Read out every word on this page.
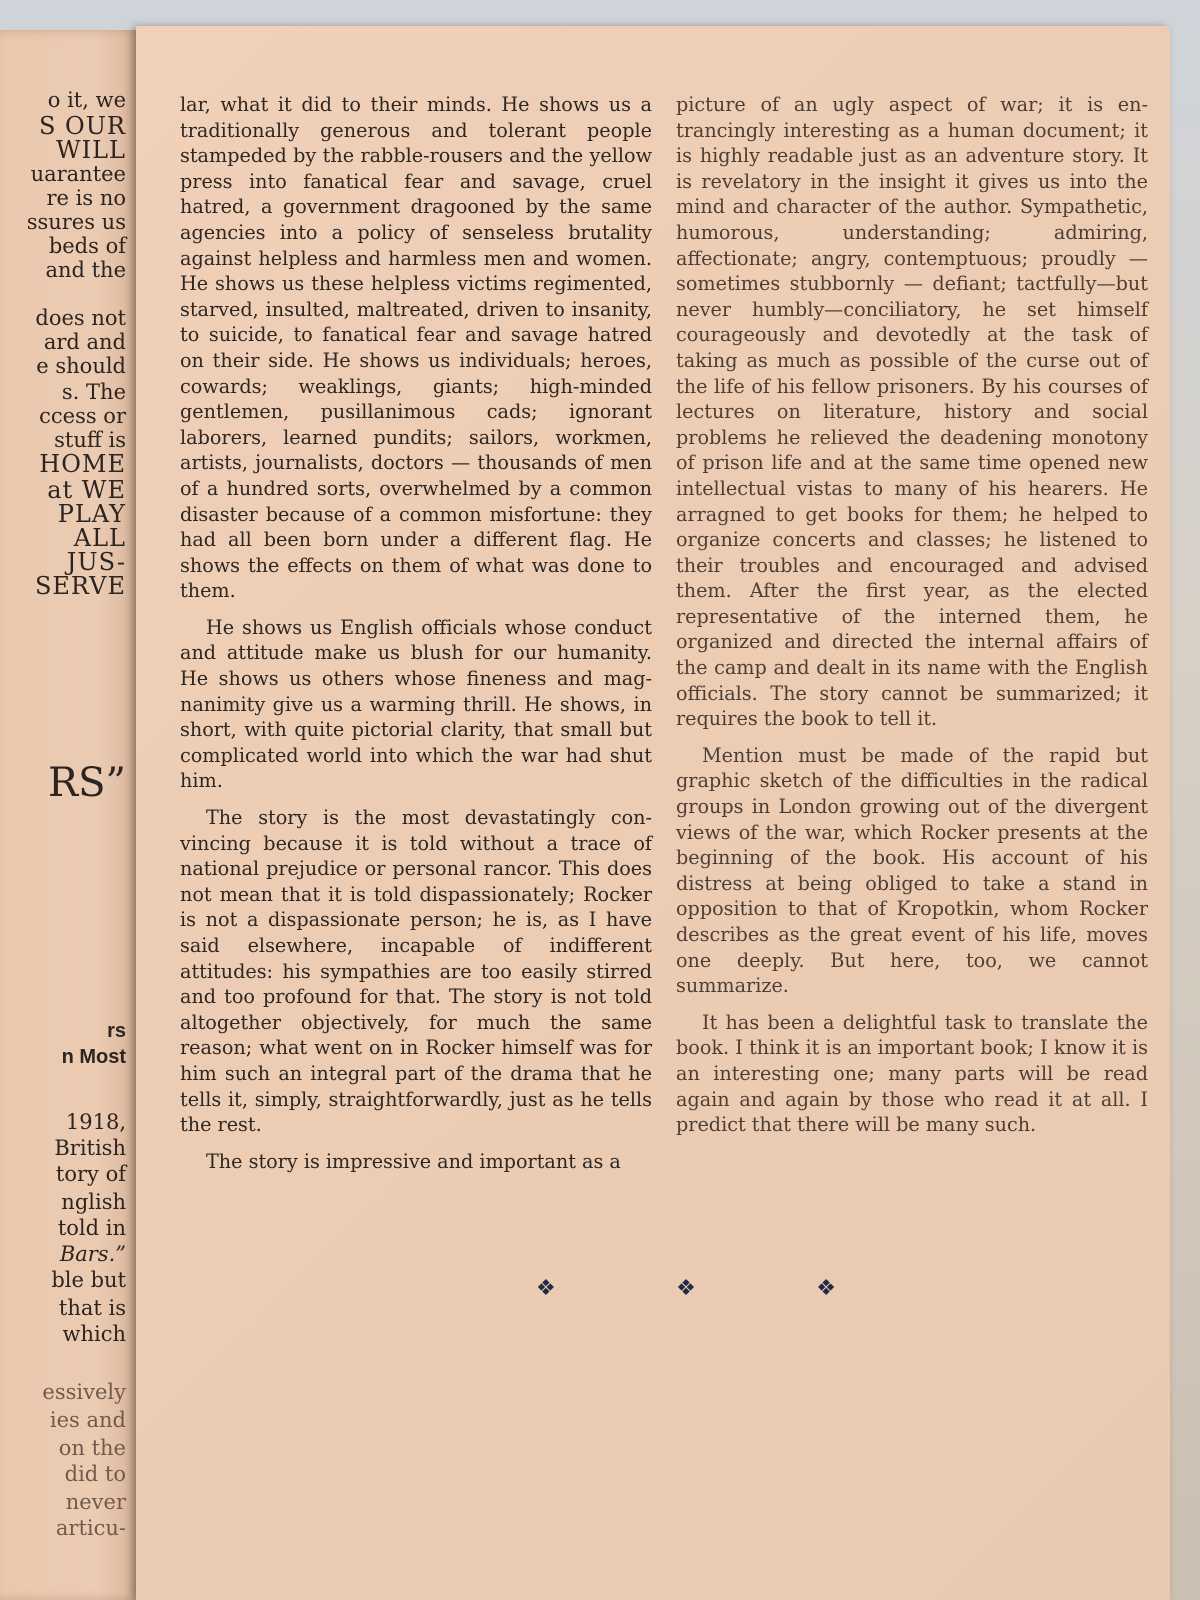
o it, we
S OUR
WILL
uarantee
re is no
ssures us
beds of
and the
does not
ard and
e should
s. The
ccess or
stuff is
HOME
at WE
PLAY
ALL
JUS-
SERVE
RS”
rs
n Most
1918,
British
tory of
nglish
told in
Bars.”
ble but
that is
which
essively
ies and
on the
did to
never
articu-

lar, what it did to their minds. He shows us a traditionally generous and tolerant people stampeded by the rabble-rousers and the yellow press into fanatical fear and savage, cruel hatred, a government dragooned by the same agencies into a policy of senseless brutality against helpless and harmless men and women. He shows us these helpless victims regimented, starved, insulted, maltreated, driven to insanity, to suicide, to fanatical fear and savage hatred on their side. He shows us individuals; heroes, cowards; weaklings, giants; high-minded gentlemen, pusillanimous cads; ignorant laborers, learned pundits; sailors, workmen, artists, journalists, doctors — thousands of men of a hundred sorts, overwhelmed by a common disaster because of a common misfortune: they had all been born under a different flag. He shows the effects on them of what was done to them.

He shows us English officials whose conduct and attitude make us blush for our humanity. He shows us others whose fineness and magnanimity give us a warming thrill. He shows, in short, with quite pictorial clarity, that small but complicated world into which the war had shut him.

The story is the most devastatingly convincing because it is told without a trace of national prejudice or personal rancor. This does not mean that it is told dispassionately; Rocker is not a dispassionate person; he is, as I have said elsewhere, incapable of indifferent attitudes: his sympathies are too easily stirred and too profound for that. The story is not told altogether objectively, for much the same reason; what went on in Rocker himself was for him such an integral part of the drama that he tells it, simply, straightforwardly, just as he tells the rest.

The story is impressive and important as a

picture of an ugly aspect of war; it is entrancingly interesting as a human document; it is highly readable just as an adventure story. It is revelatory in the insight it gives us into the mind and character of the author. Sympathetic, humorous, understanding; admiring, affectionate; angry, contemptuous; proudly — sometimes stubbornly — defiant; tactfully—but never humbly—conciliatory, he set himself courageously and devotedly at the task of taking as much as possible of the curse out of the life of his fellow prisoners. By his courses of lectures on literature, history and social problems he relieved the deadening monotony of prison life and at the same time opened new intellectual vistas to many of his hearers. He arragned to get books for them; he helped to organize concerts and classes; he listened to their troubles and encouraged and advised them. After the first year, as the elected representative of the interned them, he organized and directed the internal affairs of the camp and dealt in its name with the English officials. The story cannot be summarized; it requires the book to tell it.

Mention must be made of the rapid but graphic sketch of the difficulties in the radical groups in London growing out of the divergent views of the war, which Rocker presents at the beginning of the book. His account of his distress at being obliged to take a stand in opposition to that of Kropotkin, whom Rocker describes as the great event of his life, moves one deeply. But here, too, we cannot summarize.

It has been a delightful task to translate the book. I think it is an important book; I know it is an interesting one; many parts will be read again and again by those who read it at all. I predict that there will be many such.

❖	❖	❖
